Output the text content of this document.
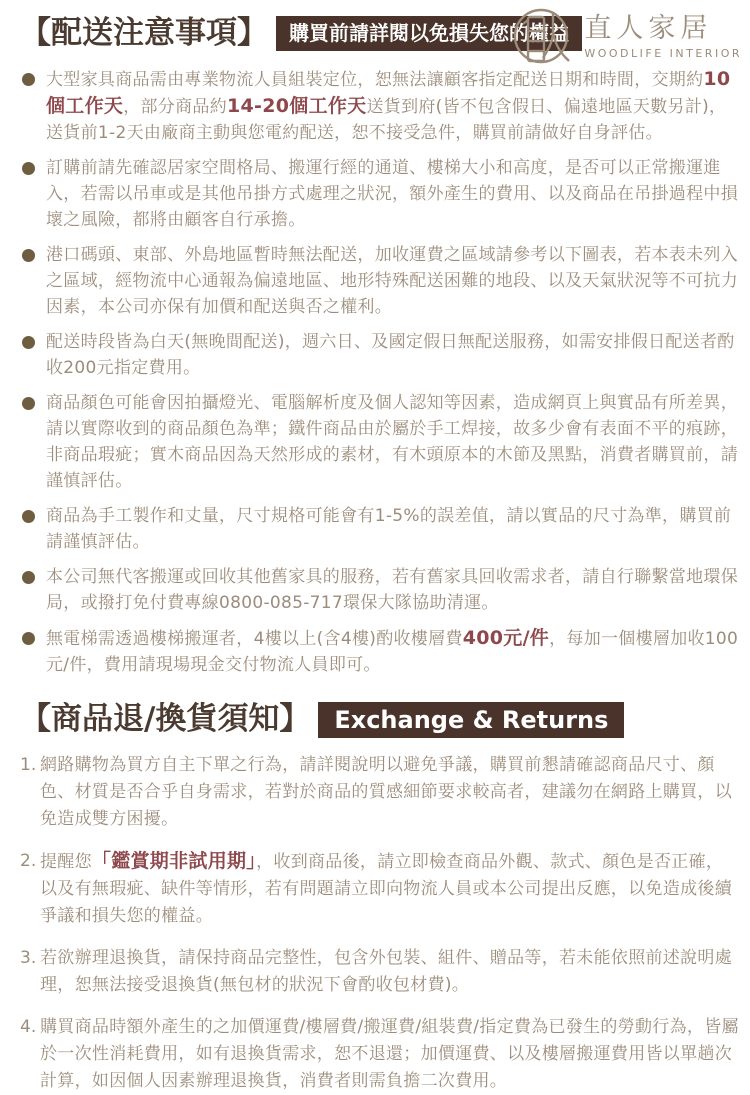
【配送注意事項】	購買前請詳閱以免損失您的權益 直人家居
WOODLIFE INTERIOR
大型家具商品需由專業物流人員組裝定位，恕無法讓顧客指定配送日期和時間，交期約10個工作天，部分商品約14-20個工作天送貨到府(皆不包含假日、偏遠地區天數另計)，送貨前1-2天由廠商主動與您電約配送，恕不接受急件，購買前請做好自身評估。
訂購前請先確認居家空間格局、搬運行經的通道、樓梯大小和高度，是否可以正常搬運進入，若需以吊車或是其他吊掛方式處理之狀況，額外產生的費用、以及商品在吊掛過程中損壞之風險，都將由顧客自行承擔。
港口碼頭、東部、外島地區暫時無法配送，加收運費之區域請參考以下圖表，若本表未列入之區域，經物流中心通報為偏遠地區、地形特殊配送困難的地段、以及天氣狀況等不可抗力因素，本公司亦保有加價和配送與否之權利。
配送時段皆為白天(無晚間配送)，週六日、及國定假日無配送服務，如需安排假日配送者酌收200元指定費用。
商品顏色可能會因拍攝燈光、電腦解析度及個人認知等因素，造成網頁上與實品有所差異，請以實際收到的商品顏色為準；鐵件商品由於屬於手工焊接，故多少會有表面不平的痕跡，非商品瑕疵；實木商品因為天然形成的素材，有木頭原本的木節及黑點，消費者購買前，請謹慎評估。
商品為手工製作和丈量，尺寸規格可能會有1-5%的誤差值，請以實品的尺寸為準，購買前請謹慎評估。
本公司無代客搬運或回收其他舊家具的服務，若有舊家具回收需求者，請自行聯繫當地環保局，或撥打免付費專線0800-085-717環保大隊協助清運。
無電梯需透過樓梯搬運者，4樓以上(含4樓)酌收樓層費400元/件，每加一個樓層加收100元/件，費用請現場現金交付物流人員即可。
【商品退/換貨須知】	Exchange & Returns
1. 網路購物為買方自主下單之行為，請詳閱說明以避免爭議，購買前懇請確認商品尺寸、顏色、材質是否合乎自身需求，若對於商品的質感細節要求較高者，建議勿在網路上購買，以免造成雙方困擾。
2. 提醒您「鑑賞期非試用期」，收到商品後，請立即檢查商品外觀、款式、顏色是否正確，以及有無瑕疵、缺件等情形，若有問題請立即向物流人員或本公司提出反應，以免造成後續爭議和損失您的權益。
3. 若欲辦理退換貨，請保持商品完整性，包含外包裝、組件、贈品等，若未能依照前述說明處理，恕無法接受退換貨(無包材的狀況下會酌收包材費)。
4. 購買商品時額外產生的之加價運費/樓層費/搬運費/組裝費/指定費為已發生的勞動行為，皆屬於一次性消耗費用，如有退換貨需求，恕不退還；加價運費、以及樓層搬運費用皆以單趟次計算，如因個人因素辦理退換貨，消費者則需負擔二次費用。
